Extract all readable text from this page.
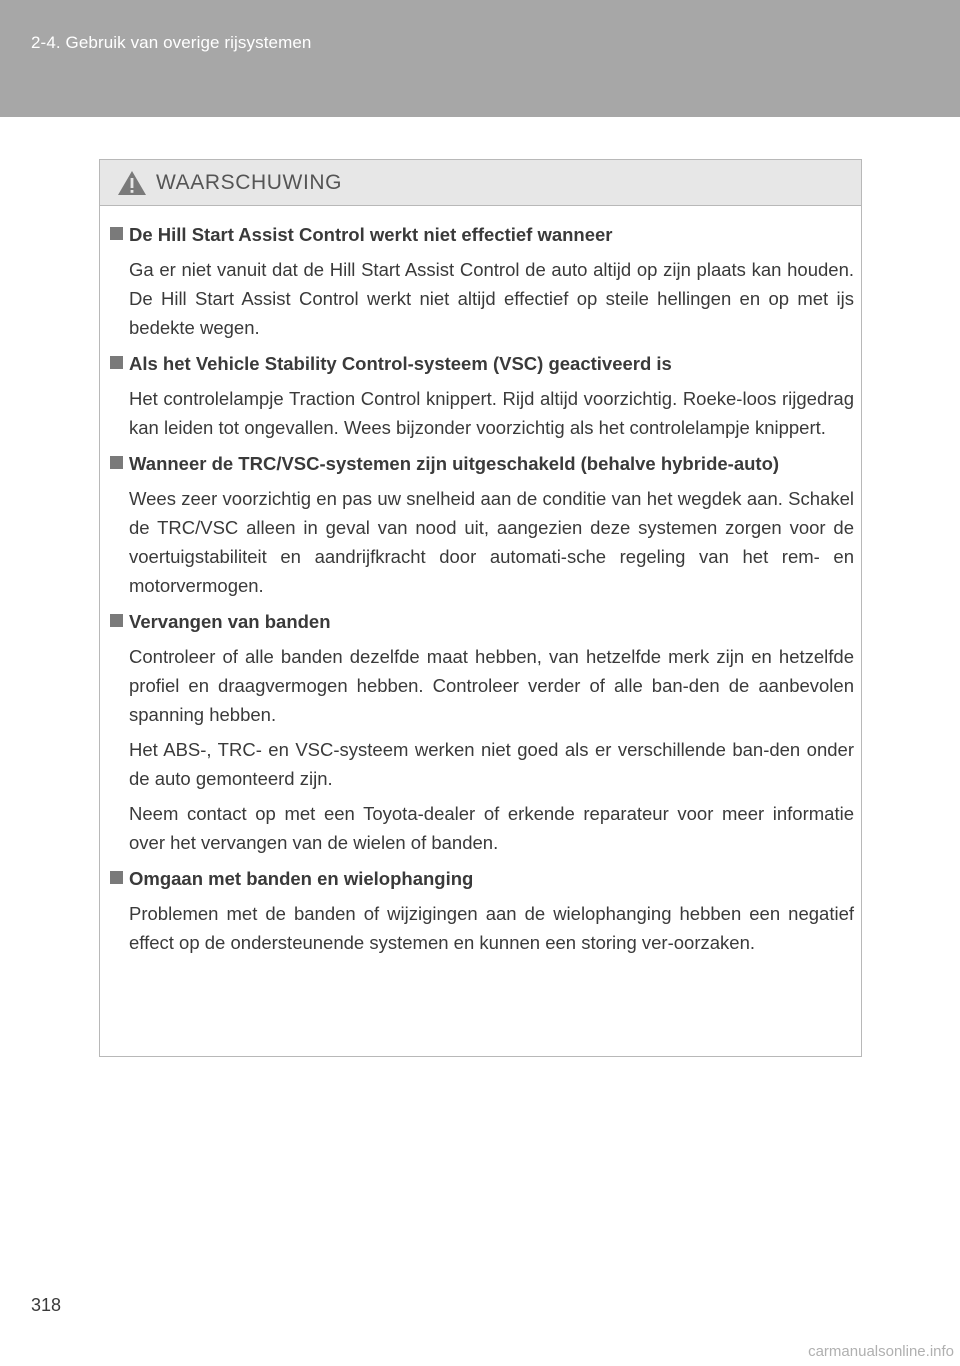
2-4. Gebruik van overige rijsystemen
WAARSCHUWING
De Hill Start Assist Control werkt niet effectief wanneer
Ga er niet vanuit dat de Hill Start Assist Control de auto altijd op zijn plaats kan houden. De Hill Start Assist Control werkt niet altijd effectief op steile hellingen en op met ijs bedekte wegen.
Als het Vehicle Stability Control-systeem (VSC) geactiveerd is
Het controlelampje Traction Control knippert. Rijd altijd voorzichtig. Roeke-loos rijgedrag kan leiden tot ongevallen. Wees bijzonder voorzichtig als het controlelampje knippert.
Wanneer de TRC/VSC-systemen zijn uitgeschakeld (behalve hybride-auto)
Wees zeer voorzichtig en pas uw snelheid aan de conditie van het wegdek aan. Schakel de TRC/VSC alleen in geval van nood uit, aangezien deze systemen zorgen voor de voertuigstabiliteit en aandrijfkracht door automati-sche regeling van het rem- en motorvermogen.
Vervangen van banden
Controleer of alle banden dezelfde maat hebben, van hetzelfde merk zijn en hetzelfde profiel en draagvermogen hebben. Controleer verder of alle ban-den de aanbevolen spanning hebben.
Het ABS-, TRC- en VSC-systeem werken niet goed als er verschillende ban-den onder de auto gemonteerd zijn.
Neem contact op met een Toyota-dealer of erkende reparateur voor meer informatie over het vervangen van de wielen of banden.
Omgaan met banden en wielophanging
Problemen met de banden of wijzigingen aan de wielophanging hebben een negatief effect op de ondersteunende systemen en kunnen een storing ver-oorzaken.
318
carmanualsonline.info
